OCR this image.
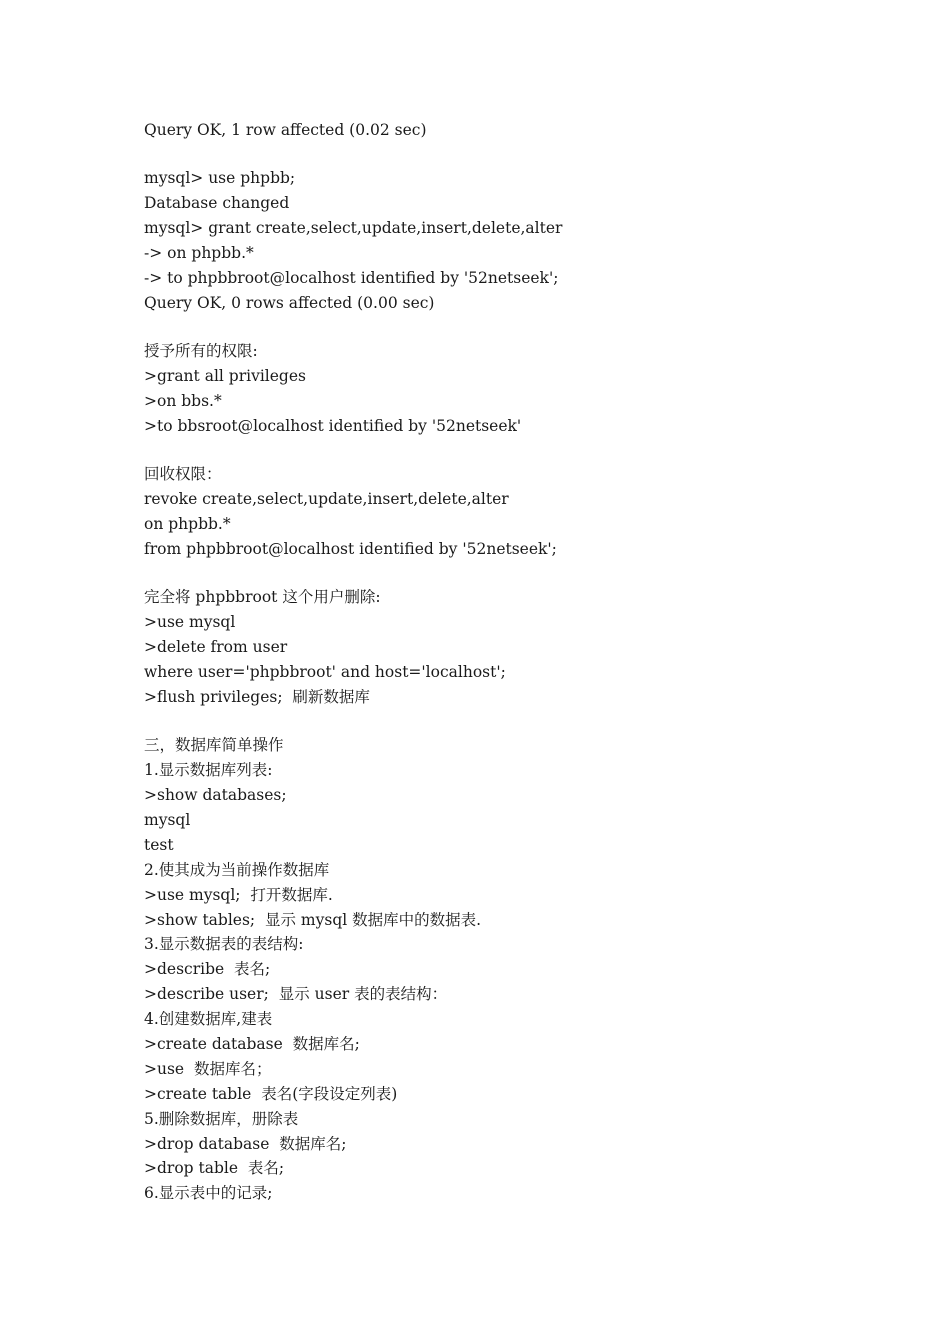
Query OK, 1 row affected (0.02 sec)
mysql> use phpbb;
Database changed
mysql> grant create,select,update,insert,delete,alter
-> on phpbb.*
-> to phpbbroot@localhost identified by '52netseek';
Query OK, 0 rows affected (0.00 sec)
授予所有的权限:
>grant all privileges
>on bbs.*
>to bbsroot@localhost identified by '52netseek'
回收权限：
revoke create,select,update,insert,delete,alter
on phpbb.*
from phpbbroot@localhost identified by '52netseek';
完全将 phpbbroot 这个用户删除:
>use mysql
>delete from user
where user='phpbbroot' and host='localhost';
>flush privileges;  刷新数据库
三，数据库简单操作
1.显示数据库列表:
>show databases;
mysql
test
2.使其成为当前操作数据库
>use mysql;  打开数据库.
>show tables;  显示 mysql 数据库中的数据表.
3.显示数据表的表结构:
>describe  表名;
>describe user;  显示 user 表的表结构：
4.创建数据库,建表
>create database  数据库名;
>use  数据库名；
>create table  表名(字段设定列表)
5.删除数据库，册除表
>drop database  数据库名;
>drop table  表名;
6.显示表中的记录;
